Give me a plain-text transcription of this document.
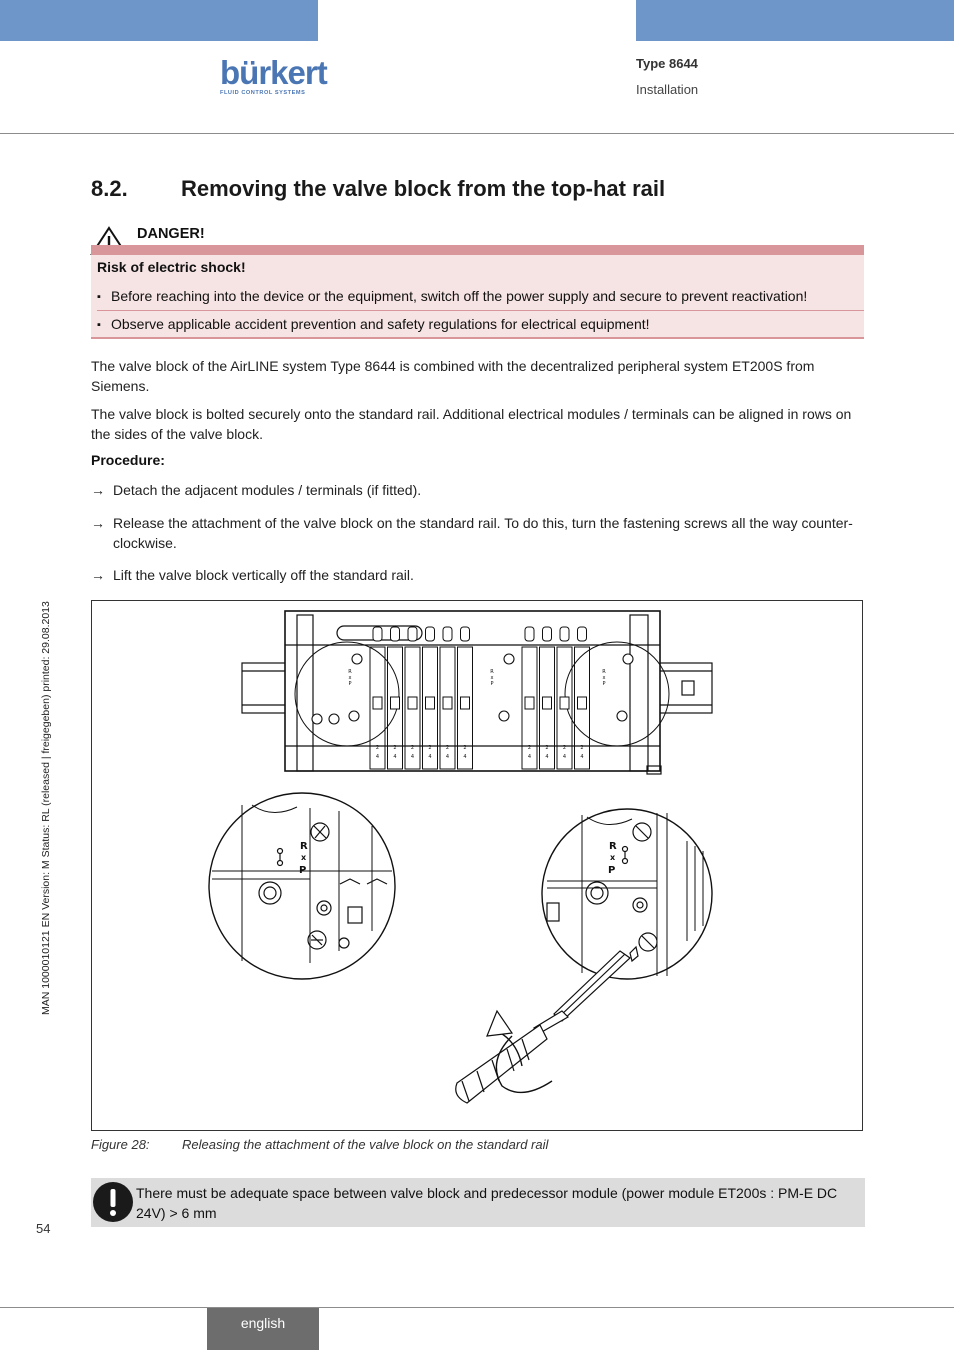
bürkert
FLUID CONTROL SYSTEMS
Type 8644
Installation
MAN 1000010121 EN Version: M Status: RL (released | freigegeben) printed: 29.08.2013
8.2. Removing the valve block from the top-hat rail
DANGER!
Risk of electric shock!
▪ Before reaching into the device or the equipment, switch off the power supply and secure to prevent reactivation!
▪ Observe applicable accident prevention and safety regulations for electrical equipment!
The valve block of the AirLINE system Type 8644 is combined with the decentralized peripheral system ET200S from Siemens.
The valve block is bolted securely onto the standard rail. Additional electrical modules / terminals can be aligned in rows on the sides of the valve block.
Procedure:
→ Detach the adjacent modules / terminals (if fitted).
→ Release the attachment of the valve block on the standard rail. To do this, turn the fastening screws all the way counter-clockwise.
→ Lift the valve block vertically off the standard rail.
2
4
2
4
2
4
2
4
2
4
2
4
2
4
2
4
2
4
2
4
R
x
P
R
x
P
R
x
P
R
x
P
R
x
P
Figure 28: Releasing the attachment of the valve block on the standard rail
There must be adequate space between valve block and predecessor module (power module ET200s : PM-E DC 24V) > 6 mm
54
english
